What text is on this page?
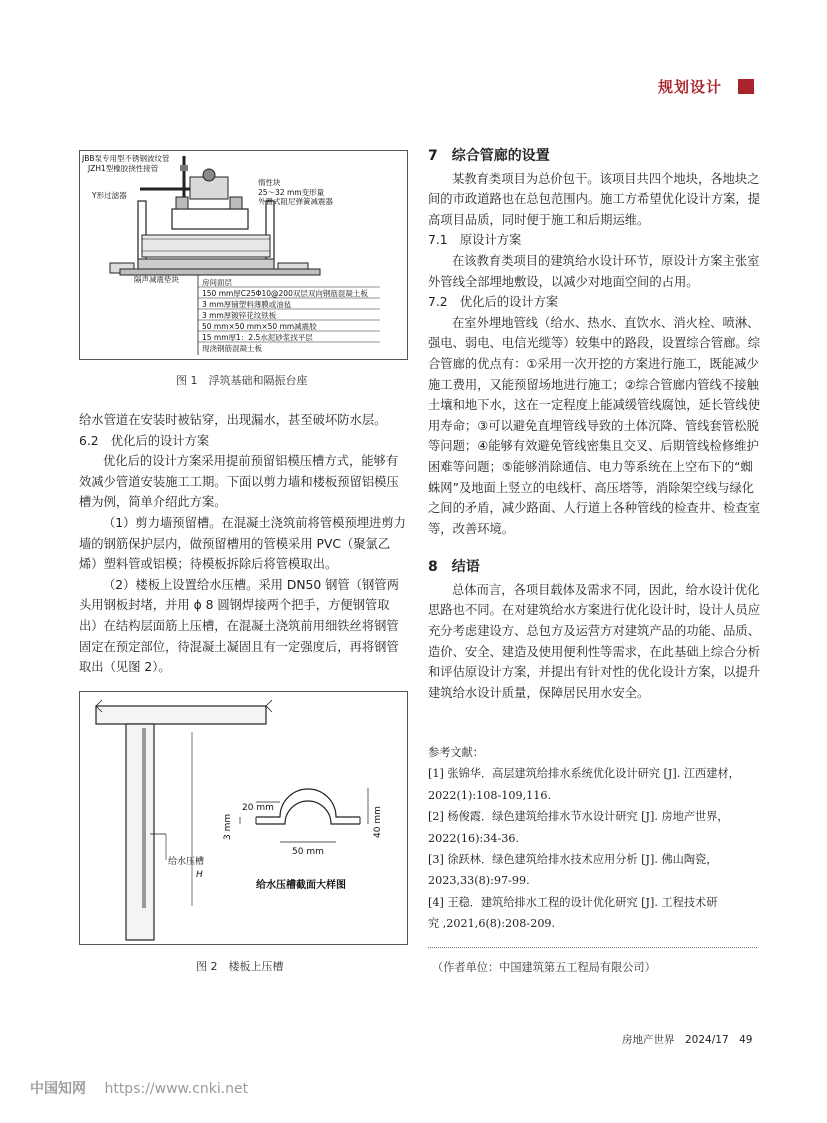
规划设计
JBB泵专用型不锈钢波纹管
JZH1型橡胶挠性接管
Y形过滤器
惰性块
25～32 mm变形量
外置式阻尼弹簧减震器
隔声减震垫块	房间面层
150 mm厚C25Φ10@200双层双向钢筋混凝土板
3 mm厚铺塑料薄膜或油毡
3 mm厚镀锌花纹铁板
50 mm×50 mm×50 mm减震胶
15 mm厚1：2.5水泥砂浆找平层
现浇钢筋混凝土板
图 1　浮筑基础和隔振台座

给水管道在安装时被钻穿，出现漏水，甚至破坏防水层。

6.2　优化后的设计方案

优化后的设计方案采用提前预留铝模压槽方式，能够有效减少管道安装施工工期。下面以剪力墙和楼板预留铝模压槽为例，简单介绍此方案。

（1）剪力墙预留槽。在混凝土浇筑前将管模预埋进剪力墙的钢筋保护层内，做预留槽用的管模采用 PVC（聚氯乙烯）塑料管或铝模；待模板拆除后将管模取出。

（2）楼板上设置给水压槽。采用 DN50 钢管（钢管两头用钢板封堵，并用 ϕ 8 圆钢焊接两个把手，方便钢管取出）在结构层面筋上压槽，在混凝土浇筑前用细铁丝将钢管固定在预定部位，待混凝土凝固且有一定强度后，再将钢管取出（见图 2）。

给水压槽
H
20 mm	40 mm
3 mm
50 mm
给水压槽截面大样图
图 2　楼板上压槽

7　综合管廊的设置

某教育类项目为总价包干。该项目共四个地块，各地块之间的市政道路也在总包范围内。施工方希望优化设计方案，提高项目品质，同时便于施工和后期运维。

7.1　原设计方案

在该教育类项目的建筑给水设计环节，原设计方案主张室外管线全部埋地敷设，以减少对地面空间的占用。

7.2　优化后的设计方案

在室外埋地管线（给水、热水、直饮水、消火栓、喷淋、强电、弱电、电信光缆等）较集中的路段，设置综合管廊。综合管廊的优点有：①采用一次开挖的方案进行施工，既能减少施工费用，又能预留场地进行施工；②综合管廊内管线不接触土壤和地下水，这在一定程度上能减缓管线腐蚀，延长管线使用寿命；③可以避免直埋管线导致的土体沉降、管线套管松脱等问题；④能够有效避免管线密集且交叉、后期管线检修维护困难等问题；⑤能够消除通信、电力等系统在上空布下的“蜘蛛网”及地面上竖立的电线杆、高压塔等，消除架空线与绿化之间的矛盾，减少路面、人行道上各种管线的检查井、检查室等，改善环境。

8　结语

总体而言，各项目载体及需求不同，因此，给水设计优化思路也不同。在对建筑给水方案进行优化设计时，设计人员应充分考虑建设方、总包方及运营方对建筑产品的功能、品质、造价、安全、建造及使用便利性等需求，在此基础上综合分析和评估原设计方案，并提出有针对性的优化设计方案，以提升建筑给水设计质量，保障居民用水安全。

参考文献：

[1] 张锦华．高层建筑给排水系统优化设计研究 [J]. 江西建材，

2022(1):108-109,116.

[2] 杨俊霞．绿色建筑给排水节水设计研究 [J]. 房地产世界，

2022(16):34-36.

[3] 徐跃林．绿色建筑给排水技术应用分析 [J]. 佛山陶瓷，

2023,33(8):97-99.

[4] 王稳．建筑给排水工程的设计优化研究 [J]. 工程技术研

究 ,2021,6(8):208-209.

（作者单位：中国建筑第五工程局有限公司）
房地产世界　2024/17　49
中国知网 https://www.cnki.net
